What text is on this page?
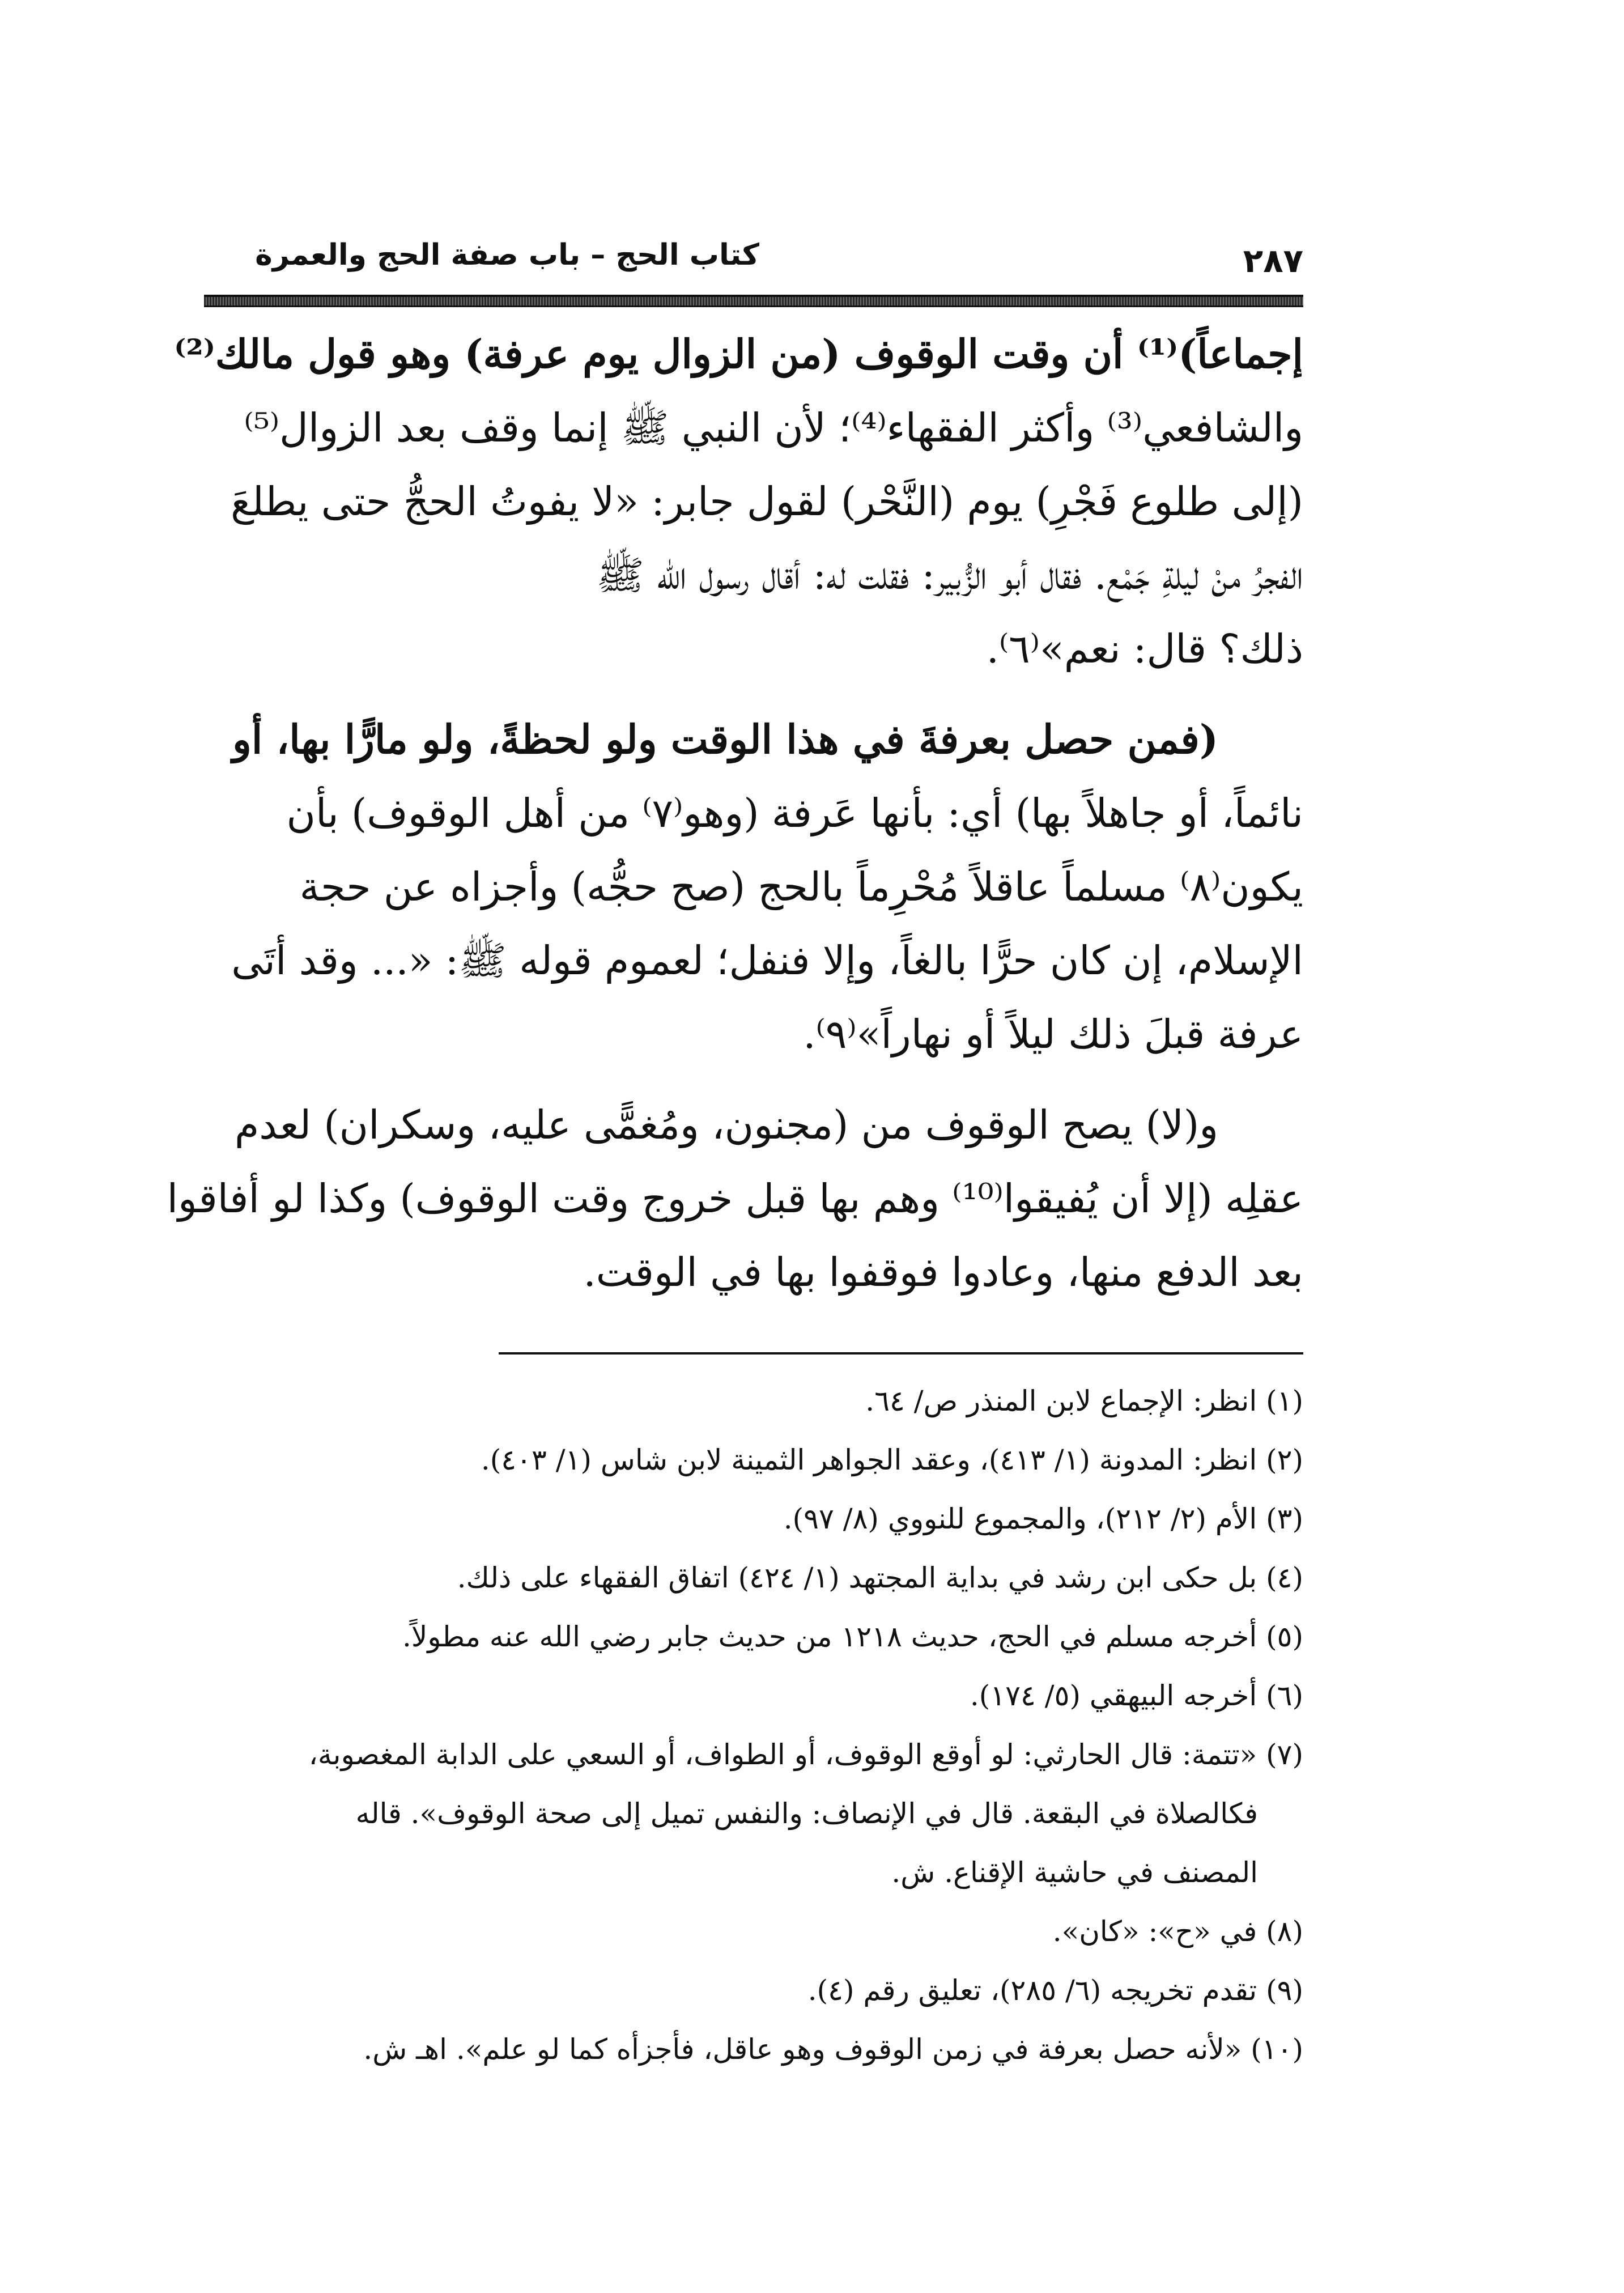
كتاب الحج – باب صفة الحج والعمرة	٢٨٧
إجماعاً)⁽¹⁾ أن وقت الوقوف (من الزوال يوم عرفة) وهو قول مالك⁽²⁾
والشافعي⁽³⁾ وأكثر الفقهاء⁽⁴⁾؛ لأن النبي ﷺ إنما وقف بعد الزوال⁽⁵⁾
(إلى طلوع فَجْرِ) يوم (النَّحْر) لقول جابر: «لا يفوتُ الحجُّ حتى يطلعَ
الفجرُ منْ ليلةِ جَمْع. فقال أبو الزُّبير: فقلت له: أقال رسول الله ﷺ
ذلك؟ قال: نعم»⁽٦⁾.
(فمن حصل بعرفةَ في هذا الوقت ولو لحظةً، ولو مارًّا بها، أو
نائماً، أو جاهلاً بها) أي: بأنها عَرفة (وهو⁽٧⁾ من أهل الوقوف) بأن
يكون⁽٨⁾ مسلماً عاقلاً مُحْرِماً بالحج (صح حجُّه) وأجزاه عن حجة
الإسلام، إن كان حرًّا بالغاً، وإلا فنفل؛ لعموم قوله ﷺ: «... وقد أتَى
عرفة قبلَ ذلك ليلاً أو نهاراً»⁽٩⁾.
و(لا) يصح الوقوف من (مجنون، ومُغمًّى عليه، وسكران) لعدم
عقلِه (إلا أن يُفيقوا⁽¹⁰⁾ وهم بها قبل خروج وقت الوقوف) وكذا لو أفاقوا
بعد الدفع منها، وعادوا فوقفوا بها في الوقت.
(١) انظر: الإجماع لابن المنذر ص/ ٦٤.
(٢) انظر: المدونة (١/ ٤١٣)، وعقد الجواهر الثمينة لابن شاس (١/ ٤٠٣).
(٣) الأم (٢/ ٢١٢)، والمجموع للنووي (٨/ ٩٧).
(٤) بل حكى ابن رشد في بداية المجتهد (١/ ٤٢٤) اتفاق الفقهاء على ذلك.
(٥) أخرجه مسلم في الحج، حديث ١٢١٨ من حديث جابر رضي الله عنه مطولاً.
(٦) أخرجه البيهقي (٥/ ١٧٤).
(٧) «تتمة: قال الحارثي: لو أوقع الوقوف، أو الطواف، أو السعي على الدابة المغصوبة،
فكالصلاة في البقعة. قال في الإنصاف: والنفس تميل إلى صحة الوقوف». قاله
المصنف في حاشية الإقناع. ش.
(٨) في «ح»: «كان».
(٩) تقدم تخريجه (٦/ ٢٨٥)، تعليق رقم (٤).
(١٠) «لأنه حصل بعرفة في زمن الوقوف وهو عاقل، فأجزأه كما لو علم». اهـ ش.
